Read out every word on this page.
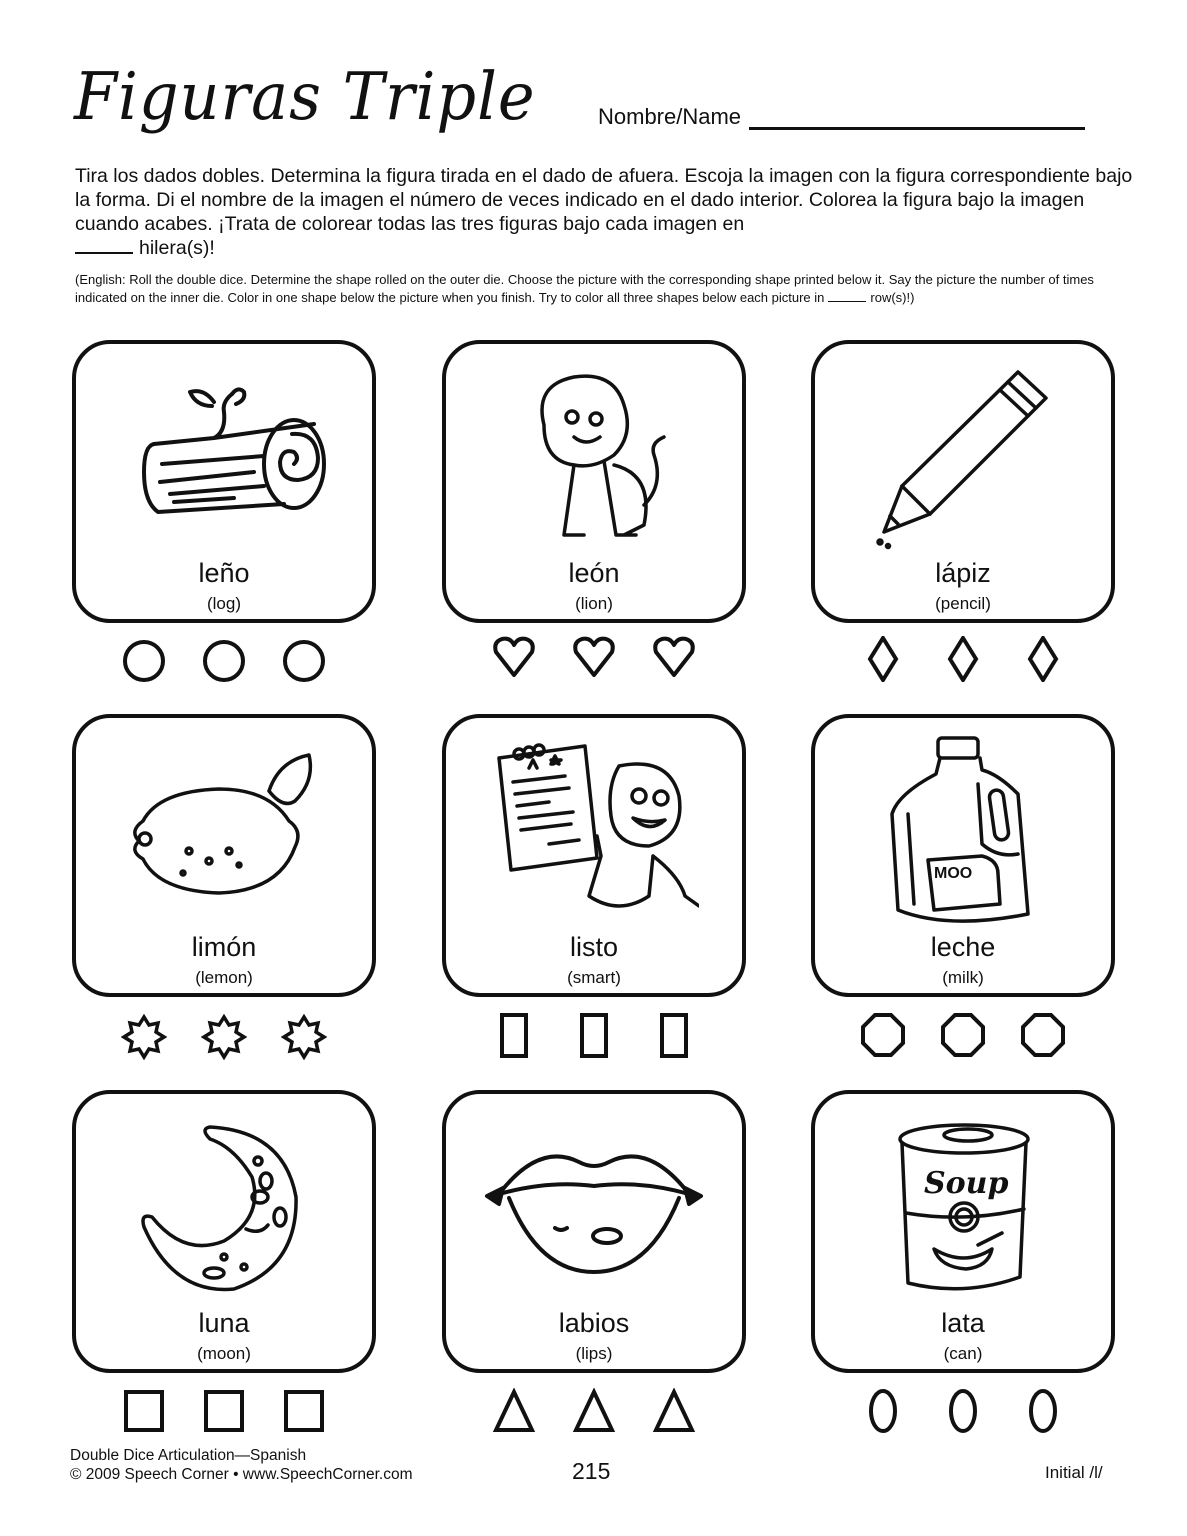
Figuras Triple	Nombre/Name
Tira los dados dobles. Determina la figura tirada en el dado de afuera. Escoja la imagen con la figura correspondiente bajo la forma. Di el nombre de la imagen el número de veces indicado en el dado interior. Colorea la figura bajo la imagen cuando acabes. ¡Trata de colorear todas las tres figuras bajo cada imagen en
hilera(s)!
(English: Roll the double dice. Determine the shape rolled on the outer die. Choose the picture with the corresponding shape printed below it. Say the picture the number of times indicated on the inner die. Color in one shape below the picture when you finish. Try to color all three shapes below each picture in	row(s)!)
leño
(log)
león
(lion)
lápiz
(pencil)
limón
(lemon)
listo
(smart)
MOO
leche
(milk)
luna
(moon)
labios
(lips)
Soup
lata
(can)
Double Dice Articulation—Spanish
© 2009 Speech Corner • www.SpeechCorner.com	215	Initial /l/
